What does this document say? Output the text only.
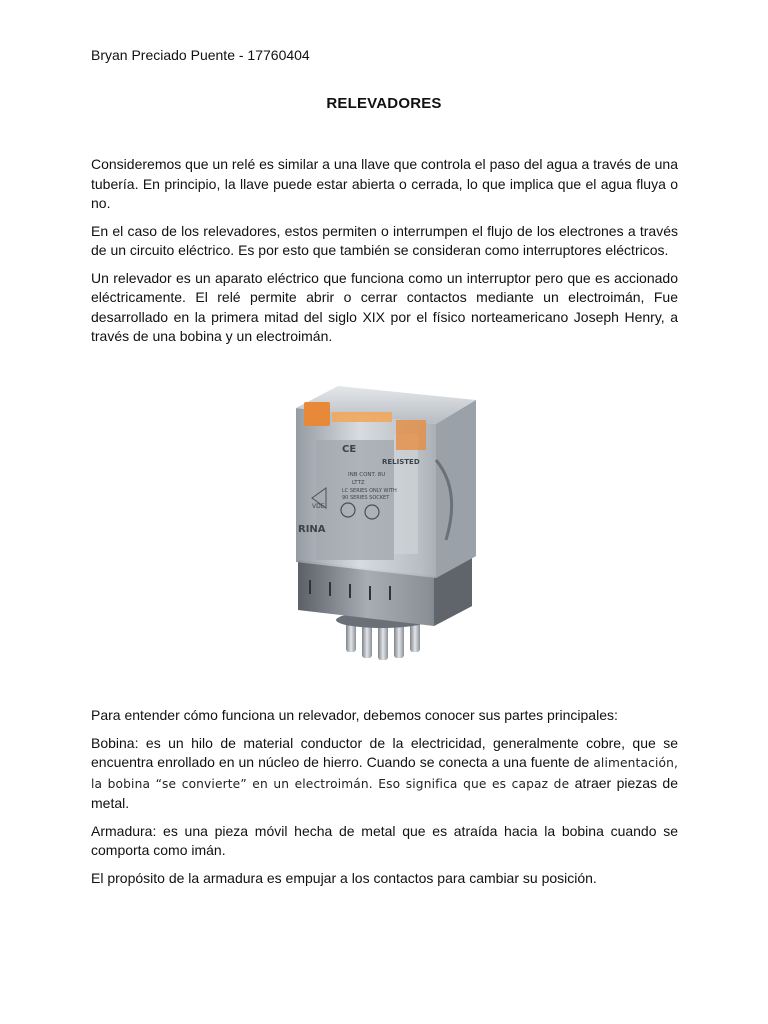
Bryan Preciado Puente - 17760404
RELEVADORES

Consideremos que un relé es similar a una llave que controla el paso del agua a través de una tubería. En principio, la llave puede estar abierta o cerrada, lo que implica que el agua fluya o no.

En el caso de los relevadores, estos permiten o interrumpen el flujo de los electrones a través de un circuito eléctrico. Es por esto que también se consideran como interruptores eléctricos.

Un relevador es un aparato eléctrico que funciona como un interruptor pero que es accionado eléctricamente. El relé permite abrir o cerrar contactos mediante un electroimán, Fue desarrollado en la primera mitad del siglo XIX por el físico norteamericano Joseph Henry, a través de una bobina y un electroimán.

RELISTED
CE
INB CONT. 8U
LTTZ
LC SERIES ONLY WITH
90 SERIES SOCKET
RINA
VDE

Para entender cómo funciona un relevador, debemos conocer sus partes principales:

Bobina: es un hilo de material conductor de la electricidad, generalmente cobre, que se encuentra enrollado en un núcleo de hierro. Cuando se conecta a una fuente de alimentación, la bobina “se convierte” en un electroimán. Eso significa que es capaz de atraer piezas de metal.

Armadura: es una pieza móvil hecha de metal que es atraída hacia la bobina cuando se comporta como imán.

El propósito de la armadura es empujar a los contactos para cambiar su posición.
